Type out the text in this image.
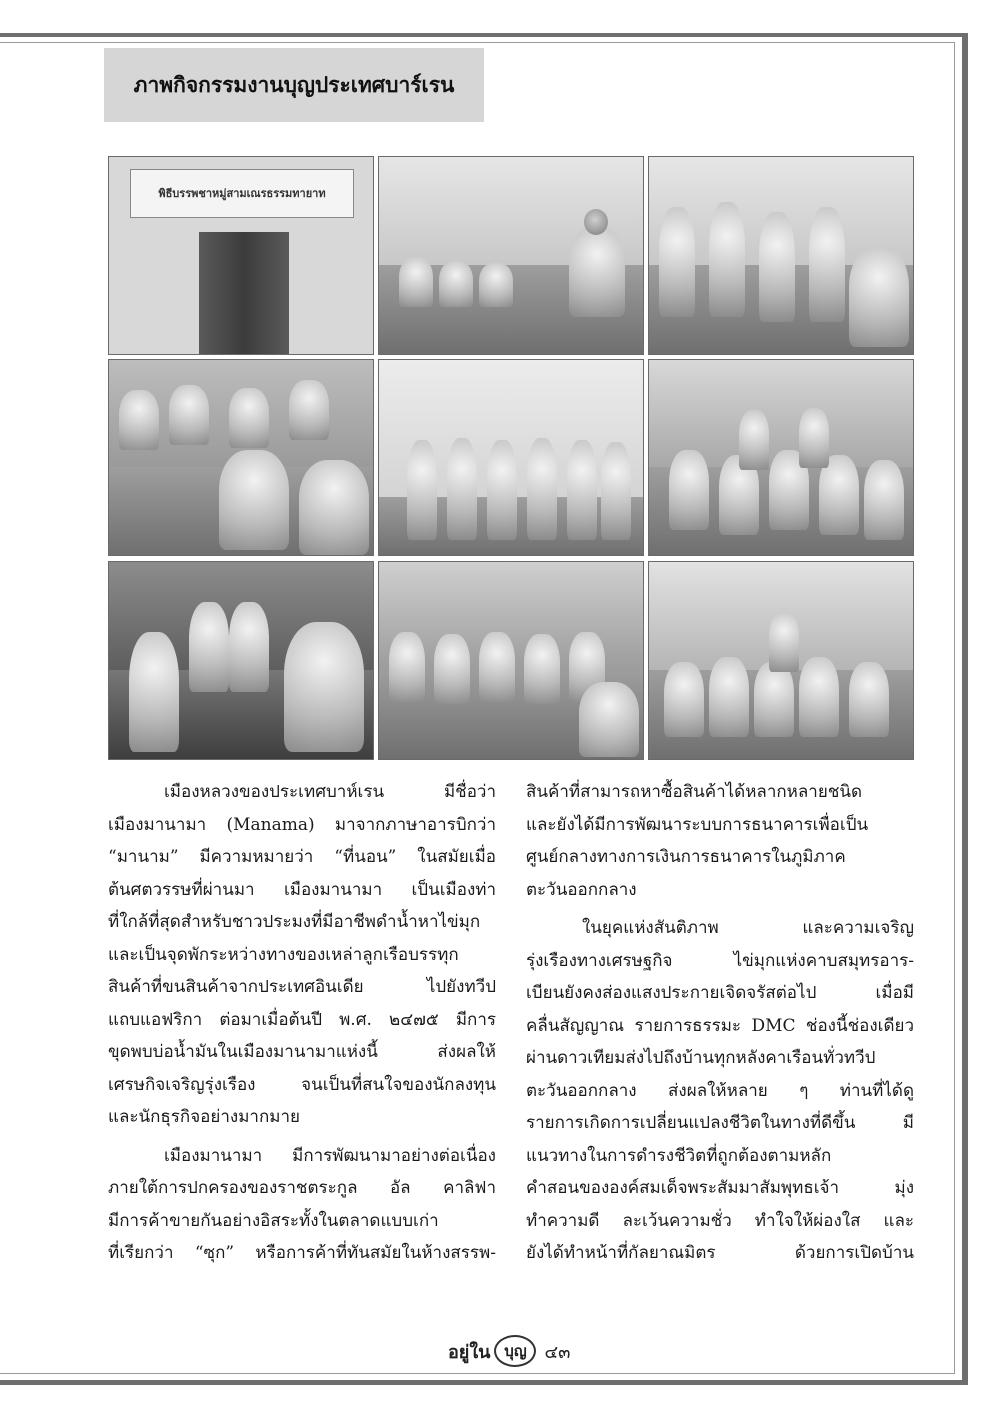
ภาพกิจกรรมงานบุญประเทศบาร์เรน
พิธีบรรพชาหมู่สามเณรธรรมทายาท
เมืองหลวงของประเทศบาห์เรน มีชื่อว่า
เมืองมานามา (Manama) มาจากภาษาอารบิกว่า
“มานาม” มีความหมายว่า “ที่นอน” ในสมัยเมื่อ
ต้นศตวรรษที่ผ่านมา เมืองมานามา เป็นเมืองท่า
ที่ใกล้ที่สุดสำหรับชาวประมงที่มีอาชีพดำน้ำหาไข่มุก
และเป็นจุดพักระหว่างทางของเหล่าลูกเรือบรรทุก
สินค้าที่ขนสินค้าจากประเทศอินเดีย ไปยังทวีป
แถบแอฟริกา ต่อมาเมื่อต้นปี พ.ศ. ๒๔๗๕ มีการ
ขุดพบบ่อน้ำมันในเมืองมานามาแห่งนี้ ส่งผลให้
เศรษกิจเจริญรุ่งเรือง จนเป็นที่สนใจของนักลงทุน
และนักธุรกิจอย่างมากมาย
เมืองมานามา มีการพัฒนามาอย่างต่อเนื่อง
ภายใต้การปกครองของราชตระกูล อัล คาลิฟา
มีการค้าขายกันอย่างอิสระทั้งในตลาดแบบเก่า
ที่เรียกว่า “ซุก” หรือการค้าที่ทันสมัยในห้างสรรพ-
สินค้าที่สามารถหาซื้อสินค้าได้หลากหลายชนิด
และยังได้มีการพัฒนาระบบการธนาคารเพื่อเป็น
ศูนย์กลางทางการเงินการธนาคารในภูมิภาค
ตะวันออกกลาง
ในยุคแห่งสันติภาพ และความเจริญ
รุ่งเรืองทางเศรษฐกิจ ไข่มุกแห่งคาบสมุทรอาร-
เบียนยังคงส่องแสงประกายเจิดจรัสต่อไป เมื่อมี
คลื่นสัญญาณ รายการธรรมะ DMC ช่องนี้ช่องเดียว
ผ่านดาวเทียมส่งไปถึงบ้านทุกหลังคาเรือนทั่วทวีป
ตะวันออกกลาง ส่งผลให้หลาย ๆ ท่านที่ได้ดู
รายการเกิดการเปลี่ยนแปลงชีวิตในทางที่ดีขึ้น มี
แนวทางในการดำรงชีวิตที่ถูกต้องตามหลัก
คำสอนขององค์สมเด็จพระสัมมาสัมพุทธเจ้า มุ่ง
ทำความดี ละเว้นความชั่ว ทำใจให้ผ่องใส และ
ยังได้ทำหน้าที่กัลยาณมิตร ด้วยการเปิดบ้าน
อยู่ใน บุญ ๔๓
